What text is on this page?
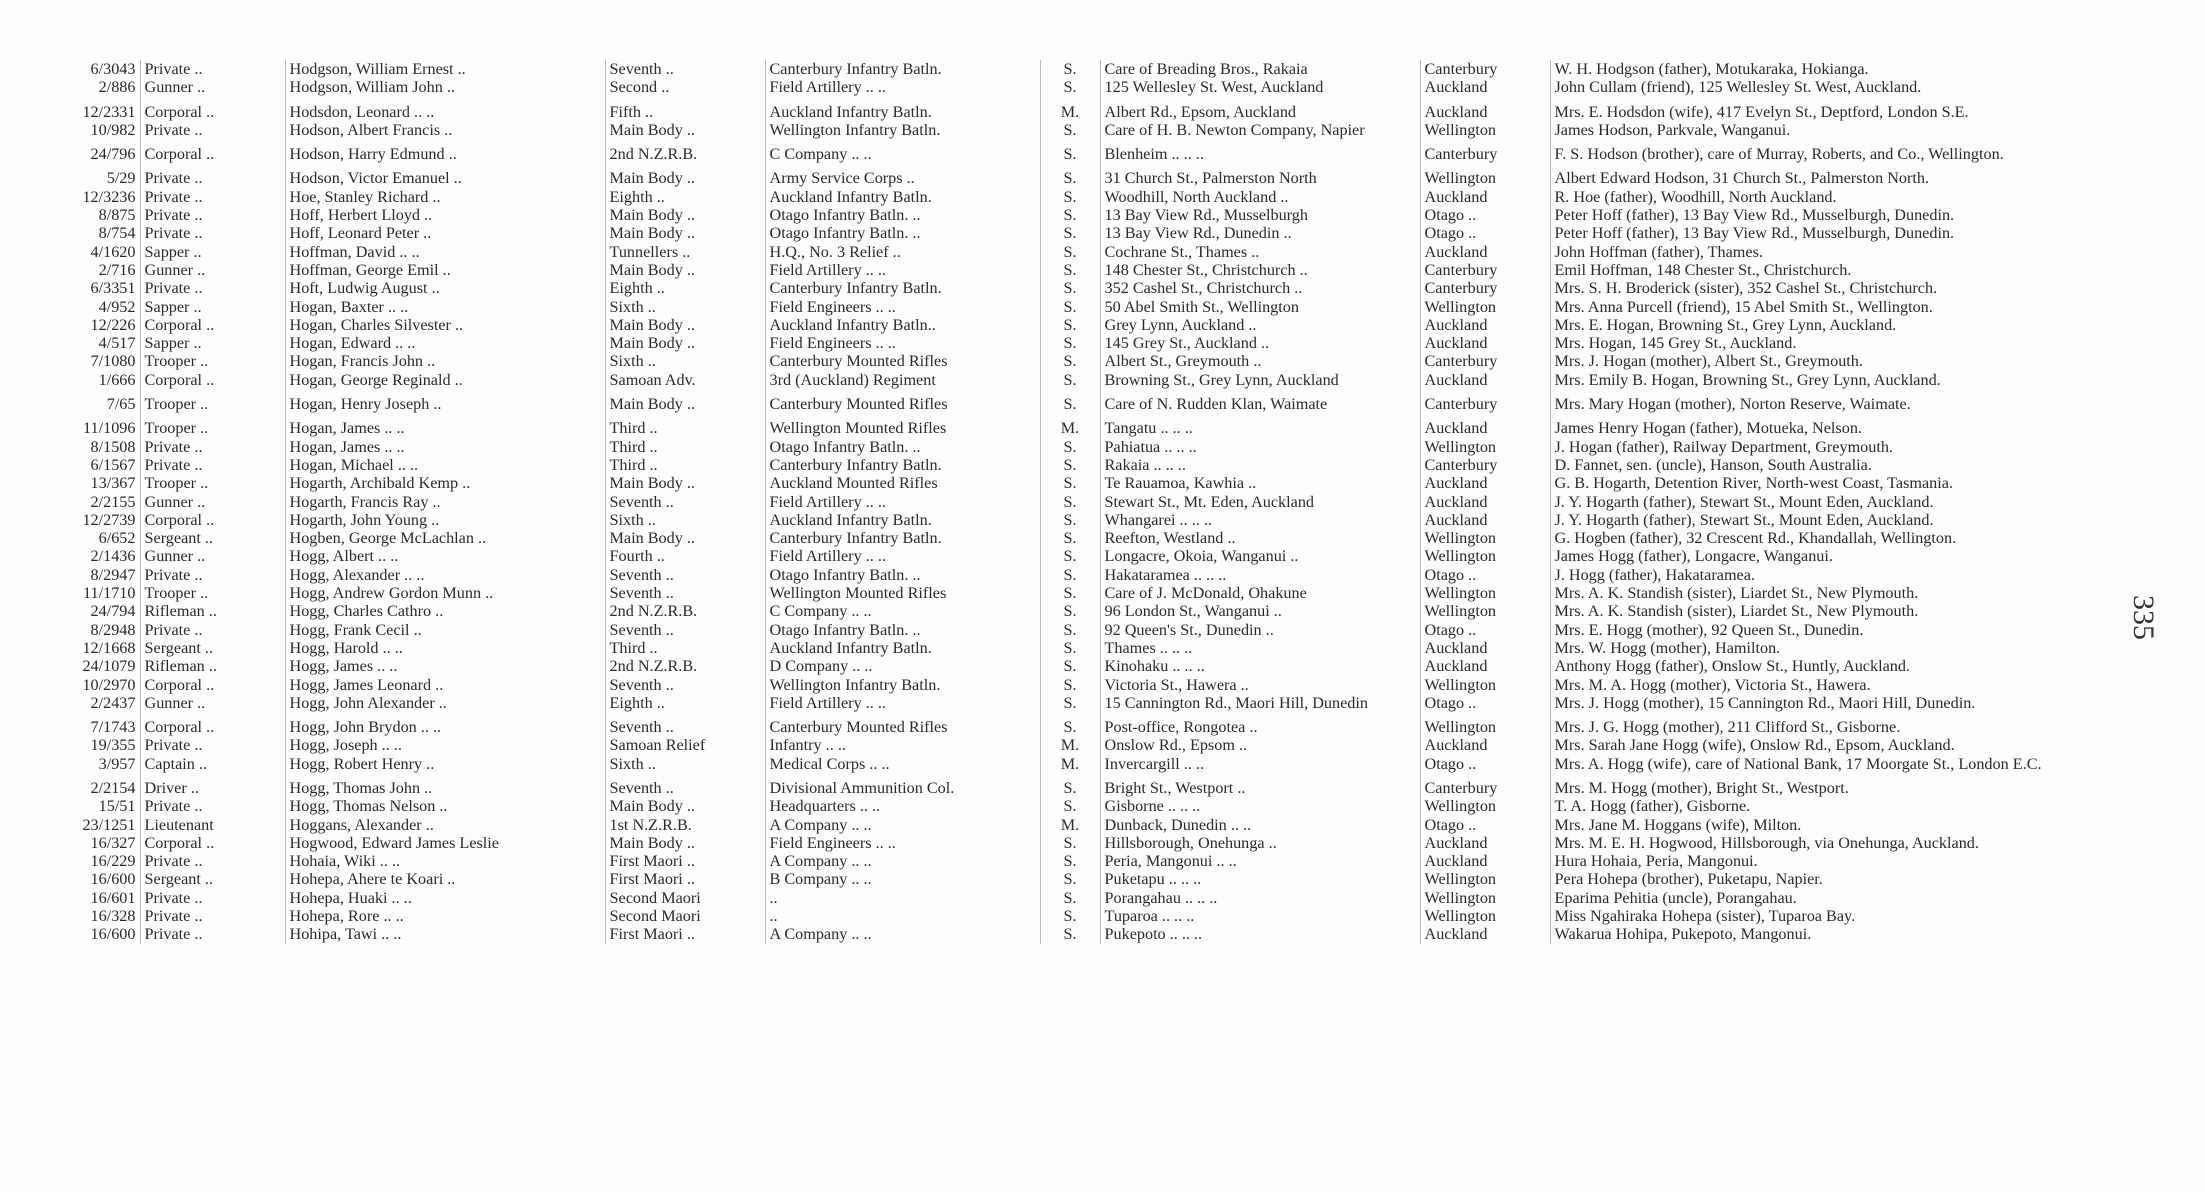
6/3043	Private ..	Hodgson, William Ernest ..	Seventh ..	Canterbury Infantry Batln.	S.	Care of Breading Bros., Rakaia	Canterbury	W. H. Hodgson (father), Motukaraka, Hokianga.
2/886	Gunner ..	Hodgson, William John ..	Second ..	Field Artillery .. ..	S.	125 Wellesley St. West, Auckland	Auckland	John Cullam (friend), 125 Wellesley St. West, Auckland.

12/2331	Corporal ..	Hodsdon, Leonard .. ..	Fifth ..	Auckland Infantry Batln.	M.	Albert Rd., Epsom, Auckland	Auckland	Mrs. E. Hodsdon (wife), 417 Evelyn St., Deptford, London S.E.
10/982	Private ..	Hodson, Albert Francis ..	Main Body ..	Wellington Infantry Batln.	S.	Care of H. B. Newton Company, Napier	Wellington	James Hodson, Parkvale, Wanganui.

24/796	Corporal ..	Hodson, Harry Edmund ..	2nd N.Z.R.B.	C Company .. ..	S.	Blenheim .. .. ..	Canterbury	F. S. Hodson (brother), care of Murray, Roberts, and Co., Wellington.

5/29	Private ..	Hodson, Victor Emanuel ..	Main Body ..	Army Service Corps ..	S.	31 Church St., Palmerston North	Wellington	Albert Edward Hodson, 31 Church St., Palmerston North.
12/3236	Private ..	Hoe, Stanley Richard ..	Eighth ..	Auckland Infantry Batln.	S.	Woodhill, North Auckland ..	Auckland	R. Hoe (father), Woodhill, North Auckland.
8/875	Private ..	Hoff, Herbert Lloyd ..	Main Body ..	Otago Infantry Batln. ..	S.	13 Bay View Rd., Musselburgh	Otago ..	Peter Hoff (father), 13 Bay View Rd., Musselburgh, Dunedin.
8/754	Private ..	Hoff, Leonard Peter ..	Main Body ..	Otago Infantry Batln. ..	S.	13 Bay View Rd., Dunedin ..	Otago ..	Peter Hoff (father), 13 Bay View Rd., Musselburgh, Dunedin.
4/1620	Sapper ..	Hoffman, David .. ..	Tunnellers ..	H.Q., No. 3 Relief ..	S.	Cochrane St., Thames ..	Auckland	John Hoffman (father), Thames.
2/716	Gunner ..	Hoffman, George Emil ..	Main Body ..	Field Artillery .. ..	S.	148 Chester St., Christchurch ..	Canterbury	Emil Hoffman, 148 Chester St., Christchurch.
6/3351	Private ..	Hoft, Ludwig August ..	Eighth ..	Canterbury Infantry Batln.	S.	352 Cashel St., Christchurch ..	Canterbury	Mrs. S. H. Broderick (sister), 352 Cashel St., Christchurch.
4/952	Sapper ..	Hogan, Baxter .. ..	Sixth ..	Field Engineers .. ..	S.	50 Abel Smith St., Wellington	Wellington	Mrs. Anna Purcell (friend), 15 Abel Smith St., Wellington.
12/226	Corporal ..	Hogan, Charles Silvester ..	Main Body ..	Auckland Infantry Batln..	S.	Grey Lynn, Auckland ..	Auckland	Mrs. E. Hogan, Browning St., Grey Lynn, Auckland.
4/517	Sapper ..	Hogan, Edward .. ..	Main Body ..	Field Engineers .. ..	S.	145 Grey St., Auckland ..	Auckland	Mrs. Hogan, 145 Grey St., Auckland.
7/1080	Trooper ..	Hogan, Francis John ..	Sixth ..	Canterbury Mounted Rifles	S.	Albert St., Greymouth ..	Canterbury	Mrs. J. Hogan (mother), Albert St., Greymouth.
1/666	Corporal ..	Hogan, George Reginald ..	Samoan Adv.	3rd (Auckland) Regiment	S.	Browning St., Grey Lynn, Auckland	Auckland	Mrs. Emily B. Hogan, Browning St., Grey Lynn, Auckland.

7/65	Trooper ..	Hogan, Henry Joseph ..	Main Body ..	Canterbury Mounted Rifles	S.	Care of N. Rudden Klan, Waimate	Canterbury	Mrs. Mary Hogan (mother), Norton Reserve, Waimate.

11/1096	Trooper ..	Hogan, James .. ..	Third ..	Wellington Mounted Rifles	M.	Tangatu .. .. ..	Auckland	James Henry Hogan (father), Motueka, Nelson.
8/1508	Private ..	Hogan, James .. ..	Third ..	Otago Infantry Batln. ..	S.	Pahiatua .. .. ..	Wellington	J. Hogan (father), Railway Department, Greymouth.
6/1567	Private ..	Hogan, Michael .. ..	Third ..	Canterbury Infantry Batln.	S.	Rakaia .. .. ..	Canterbury	D. Fannet, sen. (uncle), Hanson, South Australia.
13/367	Trooper ..	Hogarth, Archibald Kemp ..	Main Body ..	Auckland Mounted Rifles	S.	Te Rauamoa, Kawhia ..	Auckland	G. B. Hogarth, Detention River, North-west Coast, Tasmania.
2/2155	Gunner ..	Hogarth, Francis Ray ..	Seventh ..	Field Artillery .. ..	S.	Stewart St., Mt. Eden, Auckland	Auckland	J. Y. Hogarth (father), Stewart St., Mount Eden, Auckland.
12/2739	Corporal ..	Hogarth, John Young ..	Sixth ..	Auckland Infantry Batln.	S.	Whangarei .. .. ..	Auckland	J. Y. Hogarth (father), Stewart St., Mount Eden, Auckland.
6/652	Sergeant ..	Hogben, George McLachlan ..	Main Body ..	Canterbury Infantry Batln.	S.	Reefton, Westland ..	Wellington	G. Hogben (father), 32 Crescent Rd., Khandallah, Wellington.
2/1436	Gunner ..	Hogg, Albert .. ..	Fourth ..	Field Artillery .. ..	S.	Longacre, Okoia, Wanganui ..	Wellington	James Hogg (father), Longacre, Wanganui.
8/2947	Private ..	Hogg, Alexander .. ..	Seventh ..	Otago Infantry Batln. ..	S.	Hakataramea .. .. ..	Otago ..	J. Hogg (father), Hakataramea.
11/1710	Trooper ..	Hogg, Andrew Gordon Munn ..	Seventh ..	Wellington Mounted Rifles	S.	Care of J. McDonald, Ohakune	Wellington	Mrs. A. K. Standish (sister), Liardet St., New Plymouth.
24/794	Rifleman ..	Hogg, Charles Cathro ..	2nd N.Z.R.B.	C Company .. ..	S.	96 London St., Wanganui ..	Wellington	Mrs. A. K. Standish (sister), Liardet St., New Plymouth.
8/2948	Private ..	Hogg, Frank Cecil ..	Seventh ..	Otago Infantry Batln. ..	S.	92 Queen's St., Dunedin ..	Otago ..	Mrs. E. Hogg (mother), 92 Queen St., Dunedin.
12/1668	Sergeant ..	Hogg, Harold .. ..	Third ..	Auckland Infantry Batln.	S.	Thames .. .. ..	Auckland	Mrs. W. Hogg (mother), Hamilton.
24/1079	Rifleman ..	Hogg, James .. ..	2nd N.Z.R.B.	D Company .. ..	S.	Kinohaku .. .. ..	Auckland	Anthony Hogg (father), Onslow St., Huntly, Auckland.
10/2970	Corporal ..	Hogg, James Leonard ..	Seventh ..	Wellington Infantry Batln.	S.	Victoria St., Hawera ..	Wellington	Mrs. M. A. Hogg (mother), Victoria St., Hawera.
2/2437	Gunner ..	Hogg, John Alexander ..	Eighth ..	Field Artillery .. ..	S.	15 Cannington Rd., Maori Hill, Dunedin	Otago ..	Mrs. J. Hogg (mother), 15 Cannington Rd., Maori Hill, Dunedin.

7/1743	Corporal ..	Hogg, John Brydon .. ..	Seventh ..	Canterbury Mounted Rifles	S.	Post-office, Rongotea ..	Wellington	Mrs. J. G. Hogg (mother), 211 Clifford St., Gisborne.
19/355	Private ..	Hogg, Joseph .. ..	Samoan Relief	Infantry .. ..	M.	Onslow Rd., Epsom ..	Auckland	Mrs. Sarah Jane Hogg (wife), Onslow Rd., Epsom, Auckland.
3/957	Captain ..	Hogg, Robert Henry ..	Sixth ..	Medical Corps .. ..	M.	Invercargill .. ..	Otago ..	Mrs. A. Hogg (wife), care of National Bank, 17 Moorgate St., London E.C.

2/2154	Driver ..	Hogg, Thomas John ..	Seventh ..	Divisional Ammunition Col.	S.	Bright St., Westport ..	Canterbury	Mrs. M. Hogg (mother), Bright St., Westport.
15/51	Private ..	Hogg, Thomas Nelson ..	Main Body ..	Headquarters .. ..	S.	Gisborne .. .. ..	Wellington	T. A. Hogg (father), Gisborne.
23/1251	Lieutenant	Hoggans, Alexander ..	1st N.Z.R.B.	A Company .. ..	M.	Dunback, Dunedin .. ..	Otago ..	Mrs. Jane M. Hoggans (wife), Milton.
16/327	Corporal ..	Hogwood, Edward James Leslie	Main Body ..	Field Engineers .. ..	S.	Hillsborough, Onehunga ..	Auckland	Mrs. M. E. H. Hogwood, Hillsborough, via Onehunga, Auckland.
16/229	Private ..	Hohaia, Wiki .. ..	First Maori ..	A Company .. ..	S.	Peria, Mangonui .. ..	Auckland	Hura Hohaia, Peria, Mangonui.
16/600	Sergeant ..	Hohepa, Ahere te Koari ..	First Maori ..	B Company .. ..	S.	Puketapu .. .. ..	Wellington	Pera Hohepa (brother), Puketapu, Napier.
16/601	Private ..	Hohepa, Huaki .. ..	Second Maori	..	S.	Porangahau .. .. ..	Wellington	Eparima Pehitia (uncle), Porangahau.
16/328	Private ..	Hohepa, Rore .. ..	Second Maori	..	S.	Tuparoa .. .. ..	Wellington	Miss Ngahiraka Hohepa (sister), Tuparoa Bay.
16/600	Private ..	Hohipa, Tawi .. ..	First Maori ..	A Company .. ..	S.	Pukepoto .. .. ..	Auckland	Wakarua Hohipa, Pukepoto, Mangonui.
335
